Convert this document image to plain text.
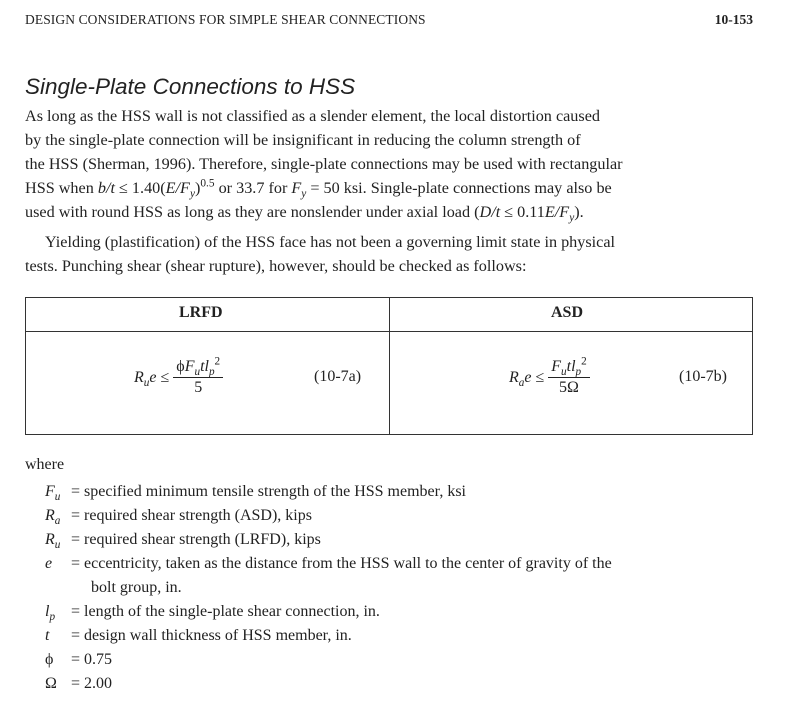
DESIGN CONSIDERATIONS FOR SIMPLE SHEAR CONNECTIONS	10-153
Single-Plate Connections to HSS
As long as the HSS wall is not classified as a slender element, the local distortion caused
by the single-plate connection will be insignificant in reducing the column strength of
the HSS (Sherman, 1996). Therefore, single-plate connections may be used with rectangular
HSS when $b/t \le 1.40(E/F_y)^{0.5}$ or 33.7 for $F_y = 50$ ksi. Single-plate connections may also be
used with round HSS as long as they are nonslender under axial load $(D/t \le 0.11E/F_y)$.
Yielding (plastification) of the HSS face has not been a governing limit state in physical
tests. Punching shear (shear rupture), however, should be checked as follows:
LRFD	ASD
$R_ue \le \frac{\phi F_utl_p^2}{5}$	(10-7a)	$R_ae \le \frac{F_utl_p^2}{5\Omega}$	(10-7b)
where
$F_u$ = specified minimum tensile strength of the HSS member, ksi
$R_a$ = required shear strength (ASD), kips
$R_u$ = required shear strength (LRFD), kips
e	= eccentricity, taken as the distance from the HSS wall to the center of gravity of the
bolt group, in.
$l_p$ = length of the single-plate shear connection, in.
t	= design wall thickness of HSS member, in.
ϕ	= 0.75
Ω = 2.00
